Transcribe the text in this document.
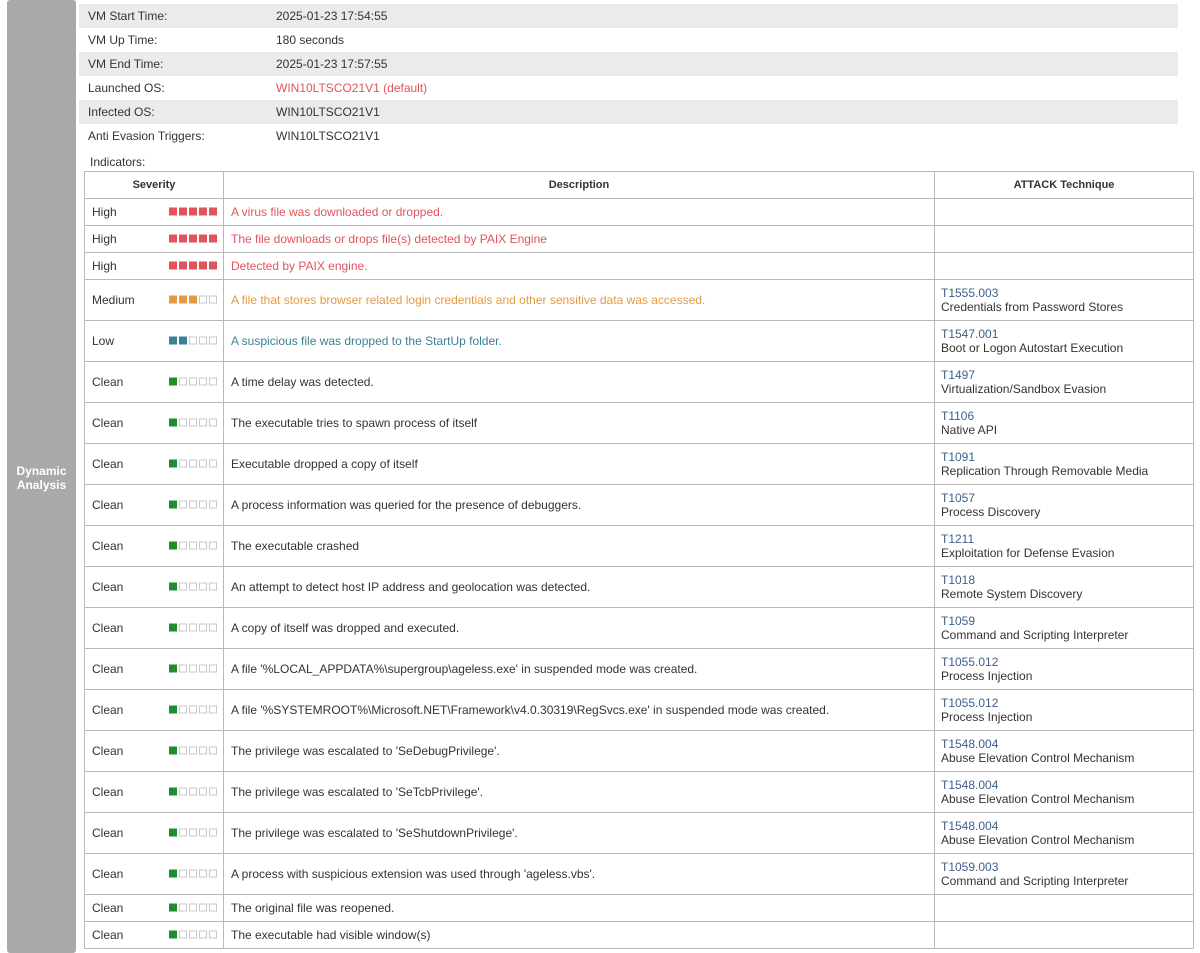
Dynamic Analysis
VM Start Time:	2025-01-23 17:54:55
VM Up Time:	180 seconds
VM End Time:	2025-01-23 17:57:55
Launched OS:	WIN10LTSCO21V1 (default)
Infected OS:	WIN10LTSCO21V1
Anti Evasion Triggers:	WIN10LTSCO21V1
Indicators:
Severity	Description	ATTACK Technique

High	A virus file was downloaded or dropped.	

High	The file downloads or drops file(s) detected by PAIX Engine	

High	Detected by PAIX engine.	

Medium	A file that stores browser related login credentials and other sensitive data was accessed.	T1555.003
Credentials from Password Stores

Low	A suspicious file was dropped to the StartUp folder.	T1547.001
Boot or Logon Autostart Execution

Clean	A time delay was detected.	T1497
Virtualization/Sandbox Evasion

Clean	The executable tries to spawn process of itself	T1106
Native API

Clean	Executable dropped a copy of itself	T1091
Replication Through Removable Media

Clean	A process information was queried for the presence of debuggers.	T1057
Process Discovery

Clean	The executable crashed	T1211
Exploitation for Defense Evasion

Clean	An attempt to detect host IP address and geolocation was detected.	T1018
Remote System Discovery

Clean	A copy of itself was dropped and executed.	T1059
Command and Scripting Interpreter

Clean	A file '%LOCAL_APPDATA%\supergroup\ageless.exe' in suspended mode was created.	T1055.012
Process Injection

Clean	A file '%SYSTEMROOT%\Microsoft.NET\Framework\v4.0.30319\RegSvcs.exe' in suspended mode was created.	T1055.012
Process Injection

Clean	The privilege was escalated to 'SeDebugPrivilege'.	T1548.004
Abuse Elevation Control Mechanism

Clean	The privilege was escalated to 'SeTcbPrivilege'.	T1548.004
Abuse Elevation Control Mechanism

Clean	The privilege was escalated to 'SeShutdownPrivilege'.	T1548.004
Abuse Elevation Control Mechanism

Clean	A process with suspicious extension was used through 'ageless.vbs'.	T1059.003
Command and Scripting Interpreter

Clean	The original file was reopened.	

Clean	The executable had visible window(s)	
